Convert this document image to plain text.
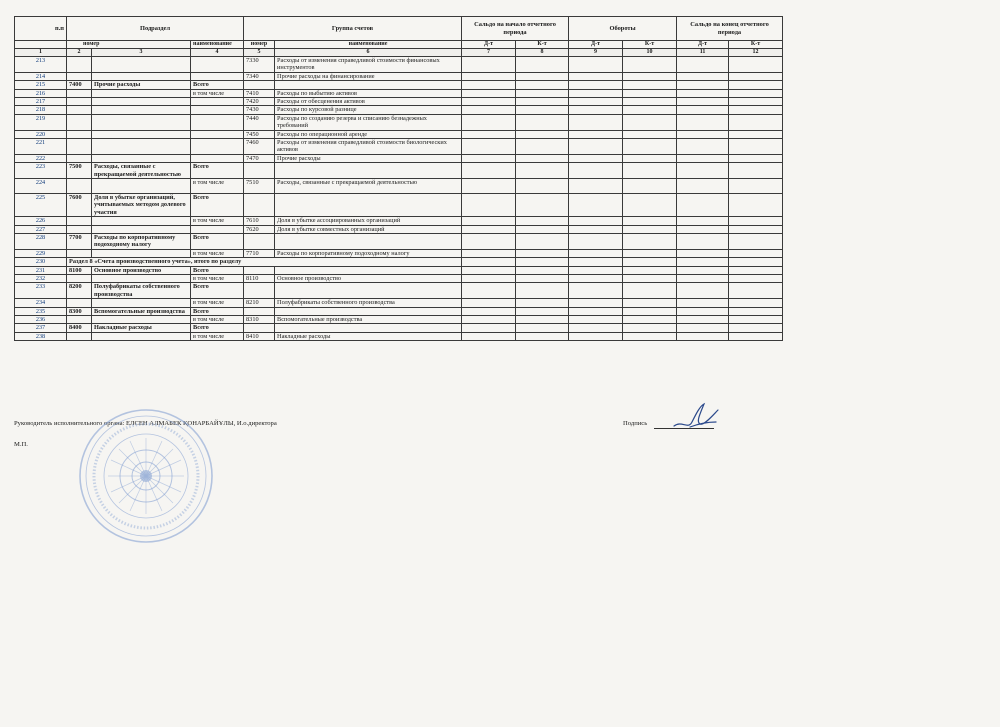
п.п	Подраздел			Группа счетов		Сальдо на начало отчетного периода		Обороты		Сальдо на конец отчетного периода	
	номер		наименование	номер	наименование	Д-т	К-т	Д-т	К-т	Д-т	К-т
1	2	3	4	5	6	7	8	9	10	11	12
213				7330	Расходы от изменения справедливой стоимости финансовых инструментов						
214				7340	Прочие расходы на финансирование						
215	7400	Прочие расходы	Всего								
216			в том числе	7410	Расходы по выбытию активов						
217				7420	Расходы от обесценения активов						
218				7430	Расходы по курсовой разнице						
219				7440	Расходы по созданию резерва и списанию безнадежных требований						
220				7450	Расходы по операционной аренде						
221				7460	Расходы от изменения справедливой стоимости биологических активов						
222				7470	Прочие расходы						
223	7500	Расходы, связанные с прекращаемой деятельностью	Всего								
224			в том числе	7510	Расходы, связанные с прекращаемой деятельностью						
225	7600	Доля в убытке организаций, учитываемых методом долевого участия	Всего								
226			в том числе	7610	Доля в убытке ассоциированных организаций						
227				7620	Доля в убытке совместных организаций						
228	7700	Расходы по корпоративному подоходному налогу	Всего								
229			в том числе	7710	Расходы по корпоративному подоходному налогу						
230	Раздел 8 «Счета производственного учета», итого по разделу										
231	8100	Основное производство	Всего								
232			в том числе	8110	Основное производство						
233	8200	Полуфабрикаты собственного производства	Всего								
234			в том числе	8210	Полуфабрикаты собственного производства						
235	8300	Вспомогательные производства	Всего								
236			в том числе	8310	Вспомогательные производства						
237	8400	Накладные расходы	Всего								
238			в том числе	8410	Накладные расходы						
Руководитель исполнительного органа: ЕЛСЕН АЛМАБЕК ҚОНАРБАЙҰЛЫ, И.о.директора	Подпись
М.П.
